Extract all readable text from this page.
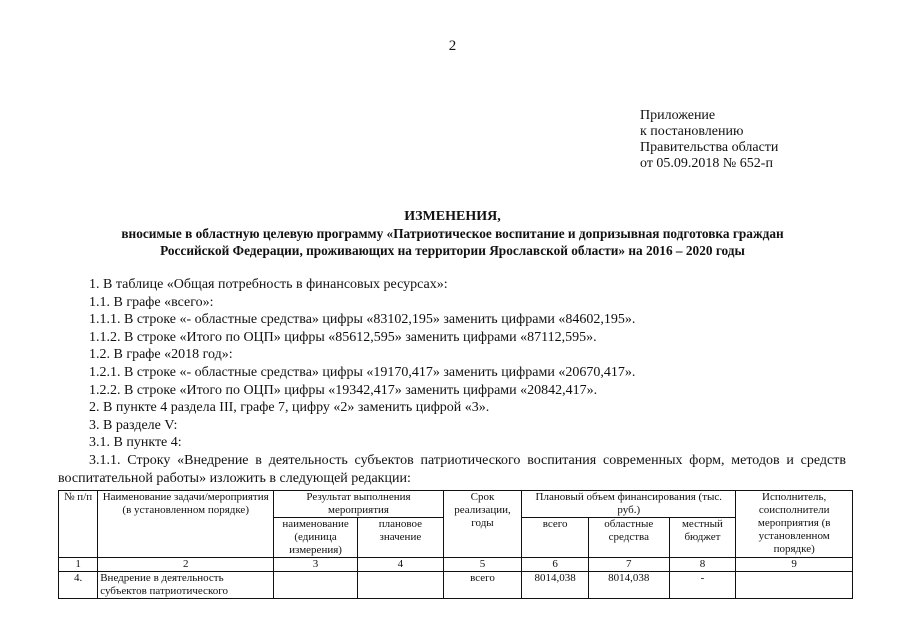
2
Приложение
к постановлению
Правительства области
от 05.09.2018 № 652-п
ИЗМЕНЕНИЯ,
вносимые в областную целевую программу «Патриотическое воспитание и допризывная подготовка граждан
Российской Федерации, проживающих на территории Ярославской области» на 2016 – 2020 годы

1. В таблице «Общая потребность в финансовых ресурсах»:

1.1. В графе «всего»:

1.1.1. В строке «- областные средства» цифры «83102,195» заменить цифрами «84602,195».

1.1.2. В строке «Итого по ОЦП» цифры «85612,595» заменить цифрами «87112,595».

1.2. В графе «2018 год»:

1.2.1. В строке «- областные средства» цифры «19170,417» заменить цифрами «20670,417».

1.2.2. В строке «Итого по ОЦП» цифры «19342,417» заменить цифрами «20842,417».

2. В пункте 4 раздела III, графе 7, цифру «2» заменить цифрой «3».

3. В разделе V:

3.1. В пункте 4:

3.1.1. Строку «Внедрение в деятельность субъектов патриотического воспитания современных форм, методов и средств воспитательной работы» изложить в следующей редакции:

№ п/п	Наименование задачи/мероприятия (в установленном порядке)	Результат выполнения мероприятия		Срок реализации, годы	Плановый объем финансирования (тыс. руб.)			Исполнитель, соисполнители мероприятия (в установленном порядке)
		наименование (единица измерения)	плановое значение		всего	областные средства	местный бюджет	
1	2	3	4	5	6	7	8	9
4.	Внедрение в деятельность субъектов патриотического			всего	8014,038	8014,038	-	
